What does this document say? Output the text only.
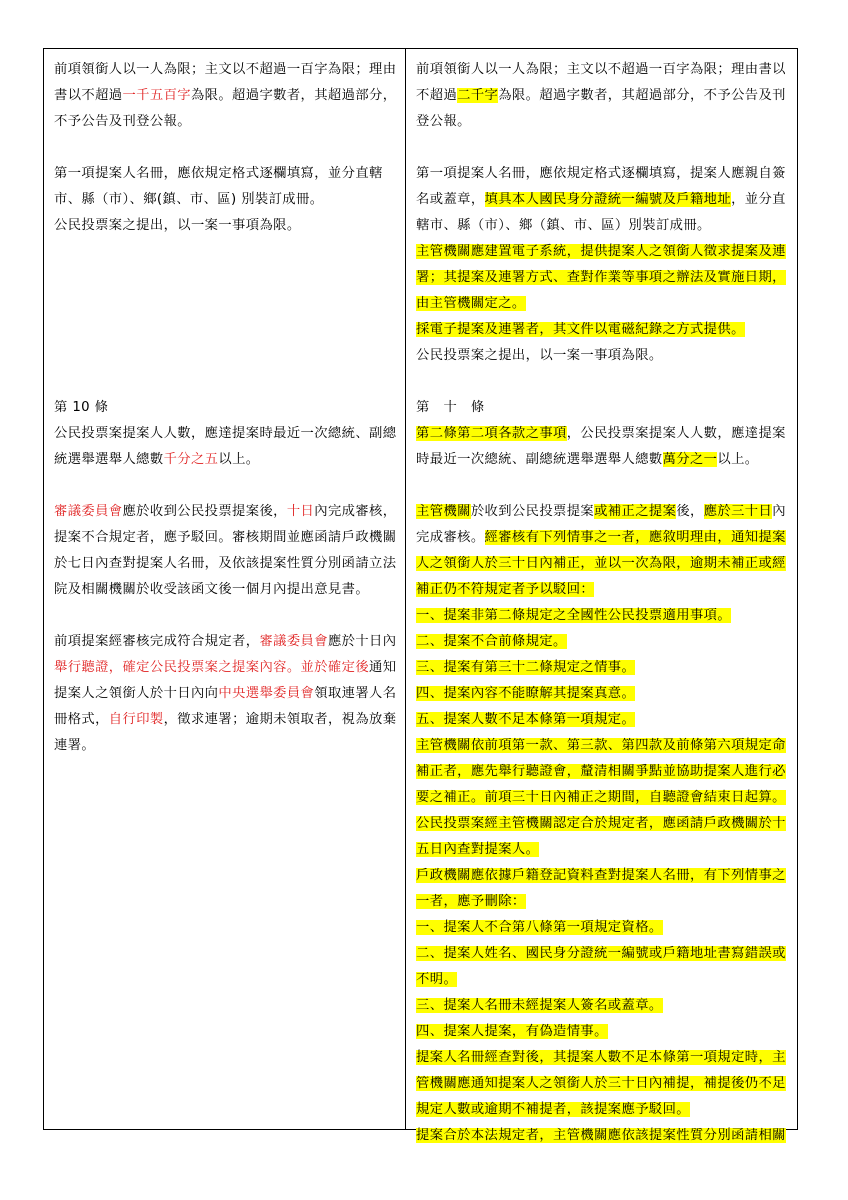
前項領銜人以一人為限；主文以不超過一百字為限；理由書以不超過一千五百字為限。超過字數者，其超過部分，不予公告及刊登公報。

第一項提案人名冊，應依規定格式逐欄填寫，並分直轄市、縣（市）、鄉(鎮、市、區) 別裝訂成冊。

公民投票案之提出，以一案一事項為限。

第 10 條

公民投票案提案人人數，應達提案時最近一次總統、副總統選舉選舉人總數千分之五以上。

審議委員會應於收到公民投票提案後，十日內完成審核，提案不合規定者，應予駁回。審核期間並應函請戶政機關於七日內查對提案人名冊，及依該提案性質分別函請立法院及相關機關於收受該函文後一個月內提出意見書。

前項提案經審核完成符合規定者，審議委員會應於十日內舉行聽證，確定公民投票案之提案內容。並於確定後通知提案人之領銜人於十日內向中央選舉委員會領取連署人名冊格式，自行印製，徵求連署；逾期未領取者，視為放棄連署。

前項領銜人以一人為限；主文以不超過一百字為限；理由書以不超過二千字為限。超過字數者，其超過部分，不予公告及刊登公報。

第一項提案人名冊，應依規定格式逐欄填寫，提案人應親自簽名或蓋章，填具本人國民身分證統一編號及戶籍地址，並分直轄市、縣（市）、鄉（鎮、市、區）別裝訂成冊。

主管機關應建置電子系統，提供提案人之領銜人徵求提案及連署；其提案及連署方式、查對作業等事項之辦法及實施日期，由主管機關定之。

採電子提案及連署者，其文件以電磁紀錄之方式提供。

公民投票案之提出，以一案一事項為限。

第　十　條

第二條第二項各款之事項，公民投票案提案人人數，應達提案時最近一次總統、副總統選舉選舉人總數萬分之一以上。

主管機關於收到公民投票提案或補正之提案後，應於三十日內完成審核。經審核有下列情事之一者，應敘明理由，通知提案人之領銜人於三十日內補正，並以一次為限，逾期未補正或經補正仍不符規定者予以駁回：

一、提案非第二條規定之全國性公民投票適用事項。

二、提案不合前條規定。

三、提案有第三十二條規定之情事。

四、提案內容不能瞭解其提案真意。

五、提案人數不足本條第一項規定。

主管機關依前項第一款、第三款、第四款及前條第六項規定命補正者，應先舉行聽證會，釐清相關爭點並協助提案人進行必要之補正。前項三十日內補正之期間，自聽證會結束日起算。

公民投票案經主管機關認定合於規定者，應函請戶政機關於十五日內查對提案人。

戶政機關應依據戶籍登記資料查對提案人名冊，有下列情事之一者，應予刪除：

一、提案人不合第八條第一項規定資格。

二、提案人姓名、國民身分證統一編號或戶籍地址書寫錯誤或不明。

三、提案人名冊未經提案人簽名或蓋章。

四、提案人提案，有偽造情事。

提案人名冊經查對後，其提案人數不足本條第一項規定時，主管機關應通知提案人之領銜人於三十日內補提，補提後仍不足規定人數或逾期不補提者，該提案應予駁回。

提案合於本法規定者，主管機關應依該提案性質分別函請相關
